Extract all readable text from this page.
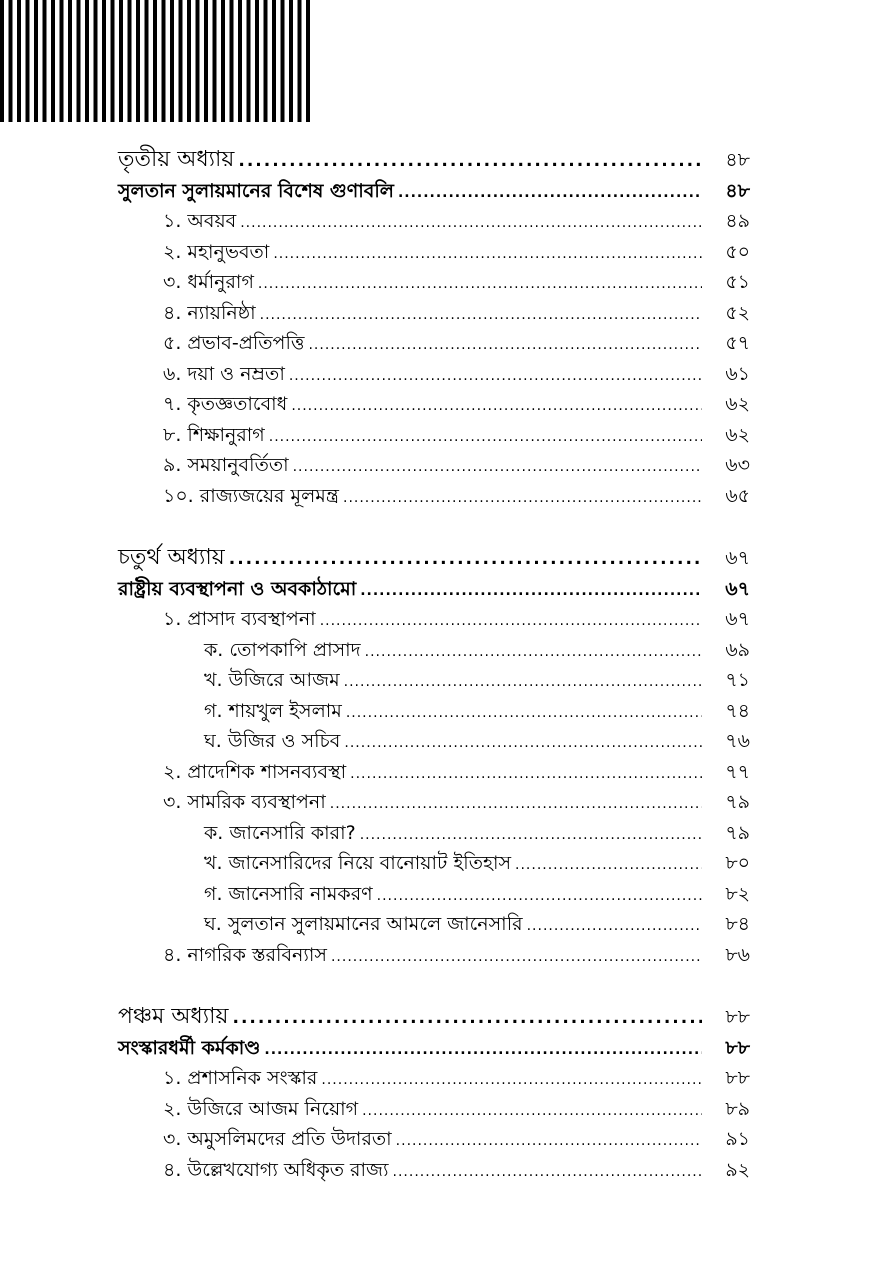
তৃতীয় অধ্যায় .....	৪৮
সুলতান সুলায়মানের বিশেষ গুণাবলি .....	৪৮
১. অবয়ব .....	৪৯
২. মহানুভবতা .....	৫০
৩. ধর্মানুরাগ .....	৫১
৪. ন্যায়নিষ্ঠা .....	৫২
৫. প্রভাব-প্রতিপত্তি .....	৫৭
৬. দয়া ও নম্রতা .....	৬১
৭. কৃতজ্ঞতাবোধ .....	৬২
৮. শিক্ষানুরাগ .....	৬২
৯. সময়ানুবর্তিতা .....	৬৩
১০. রাজ্যজয়ের মূলমন্ত্র .....	৬৫
চতুর্থ অধ্যায় .....	৬৭
রাষ্ট্রীয় ব্যবস্থাপনা ও অবকাঠামো .....	৬৭
১. প্রাসাদ ব্যবস্থাপনা .....	৬৭
ক. তোপকাপি প্রাসাদ .....	৬৯
খ. উজিরে আজম .....	৭১
গ. শায়খুল ইসলাম .....	৭৪
ঘ. উজির ও সচিব .....	৭৬
২. প্রাদেশিক শাসনব্যবস্থা .....	৭৭
৩. সামরিক ব্যবস্থাপনা .....	৭৯
ক. জানেসারি কারা? .....	৭৯
খ. জানেসারিদের নিয়ে বানোয়াট ইতিহাস .....	৮০
গ. জানেসারি নামকরণ .....	৮২
ঘ. সুলতান সুলায়মানের আমলে জানেসারি .....	৮৪
৪. নাগরিক স্তরবিন্যাস .....	৮৬
পঞ্চম অধ্যায় .....	৮৮
সংস্কারধর্মী কর্মকাণ্ড .....	৮৮
১. প্রশাসনিক সংস্কার .....	৮৮
২. উজিরে আজম নিয়োগ .....	৮৯
৩. অমুসলিমদের প্রতি উদারতা .....	৯১
৪. উল্লেখযোগ্য অধিকৃত রাজ্য .....	৯২
